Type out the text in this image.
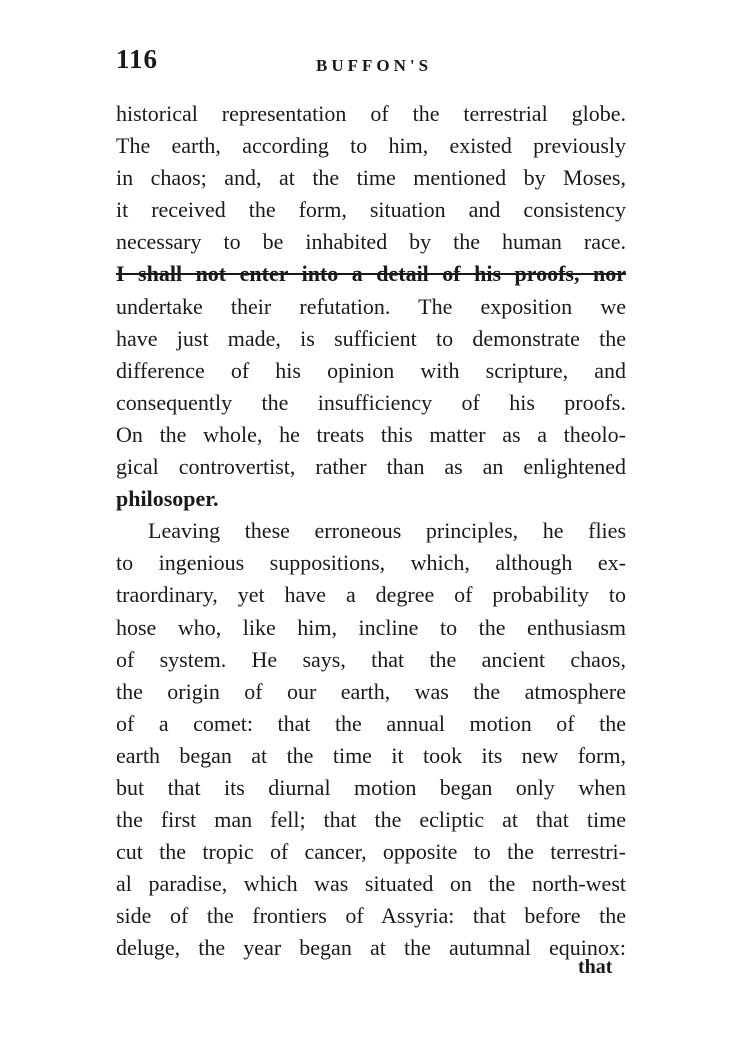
116	BUFFON'S
historical representation of the terrestrial globe.
The earth, according to him, existed previously
in chaos; and, at the time mentioned by Moses,
it received the form, situation and consistency
necessary to be inhabited by the human race.
I shall not enter into a detail of his proofs, nor
undertake their refutation. The exposition we
have just made, is sufficient to demonstrate the
difference of his opinion with scripture, and
consequently the insufficiency of his proofs.
On the whole, he treats this matter as a theolo-
gical controvertist, rather than as an enlightened
philosoper.
Leaving these erroneous principles, he flies
to ingenious suppositions, which, although ex-
traordinary, yet have a degree of probability to
hose who, like him, incline to the enthusiasm
of system. He says, that the ancient chaos,
the origin of our earth, was the atmosphere
of a comet: that the annual motion of the
earth began at the time it took its new form,
but that its diurnal motion began only when
the first man fell; that the ecliptic at that time
cut the tropic of cancer, opposite to the terrestri-
al paradise, which was situated on the north-west
side of the frontiers of Assyria: that before the
deluge, the year began at the autumnal equinox:
that
